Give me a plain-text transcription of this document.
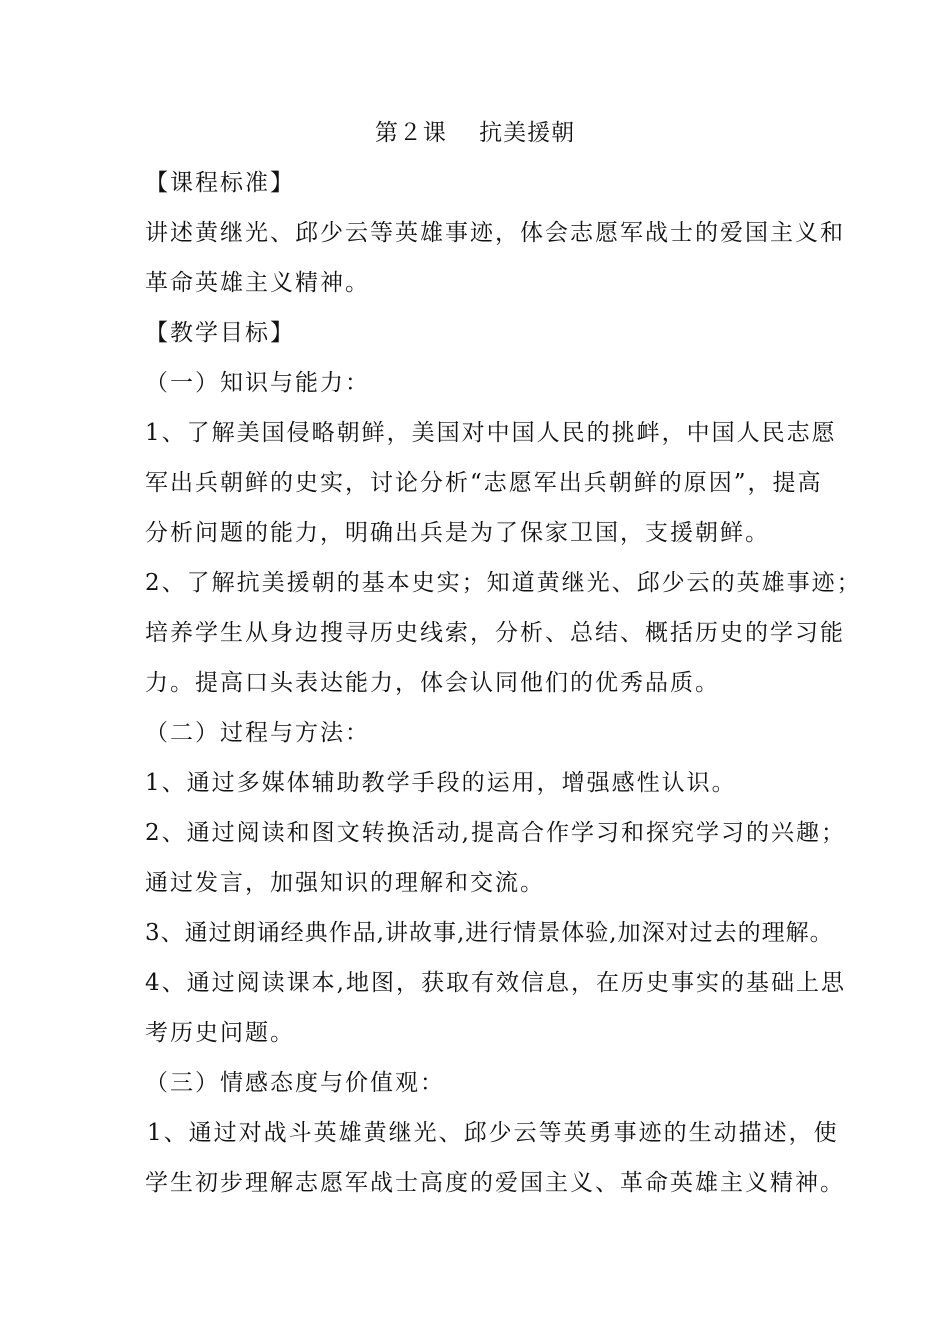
第２课　 抗美援朝
【课程标准】
讲述黄继光、邱少云等英雄事迹，体会志愿军战士的爱国主义和
革命英雄主义精神。
【教学目标】
（一）知识与能力：
1、了解美国侵略朝鲜，美国对中国人民的挑衅，中国人民志愿
军出兵朝鲜的史实，讨论分析“志愿军出兵朝鲜的原因”，提高
分析问题的能力，明确出兵是为了保家卫国，支援朝鲜。
2、了解抗美援朝的基本史实；知道黄继光、邱少云的英雄事迹；
培养学生从身边搜寻历史线索，分析、总结、概括历史的学习能
力。提高口头表达能力，体会认同他们的优秀品质。
（二）过程与方法：
1、通过多媒体辅助教学手段的运用，增强感性认识。
2、通过阅读和图文转换活动,提高合作学习和探究学习的兴趣；
通过发言，加强知识的理解和交流。
3、通过朗诵经典作品,讲故事,进行情景体验,加深对过去的理解。
4、通过阅读课本,地图，获取有效信息，在历史事实的基础上思
考历史问题。
（三）情感态度与价值观：
1、通过对战斗英雄黄继光、邱少云等英勇事迹的生动描述，使
学生初步理解志愿军战士高度的爱国主义、革命英雄主义精神。
